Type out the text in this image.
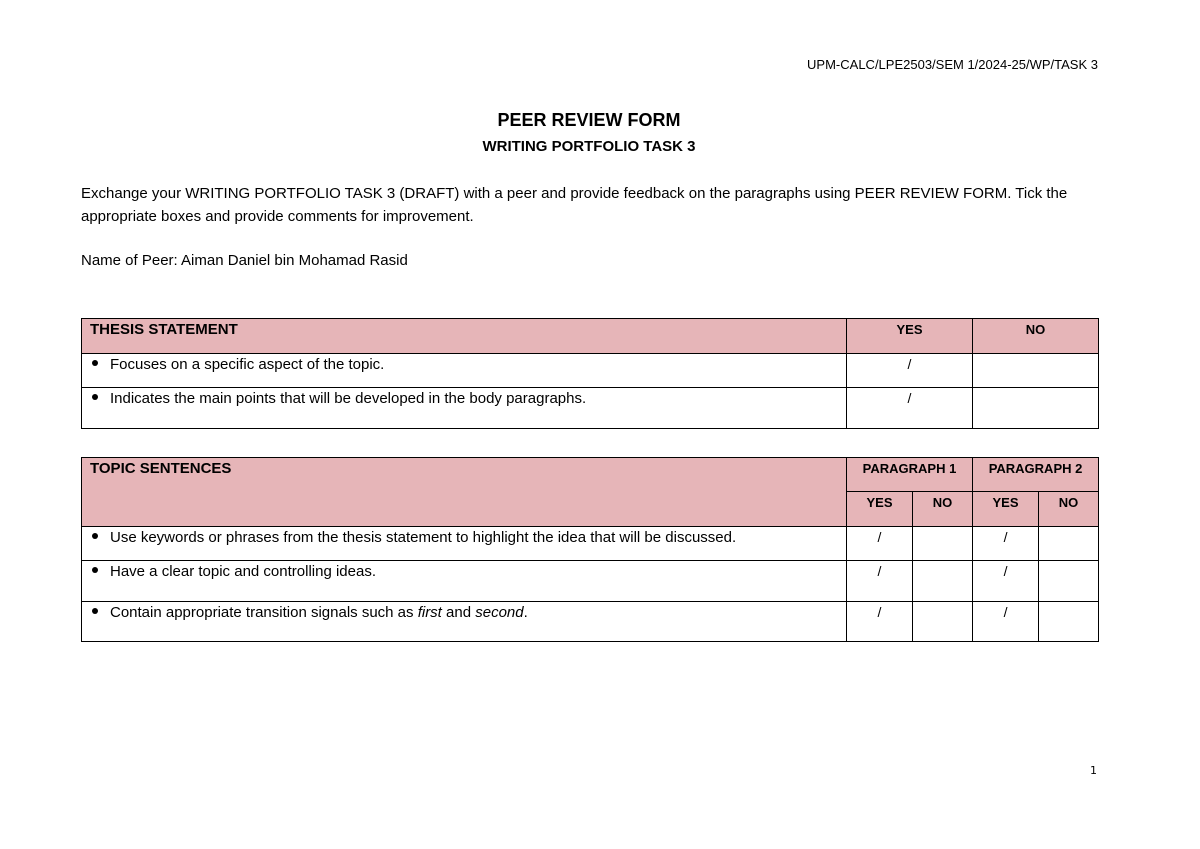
UPM-CALC/LPE2503/SEM 1/2024-25/WP/TASK 3
PEER REVIEW FORM
WRITING PORTFOLIO TASK 3
Exchange your WRITING PORTFOLIO TASK 3 (DRAFT) with a peer and provide feedback on the paragraphs using PEER REVIEW FORM. Tick the appropriate boxes and provide comments for improvement.
Name of Peer: Aiman Daniel bin Mohamad Rasid
THESIS STATEMENT	YES	NO
Focuses on a specific aspect of the topic.	/	
Indicates the main points that will be developed in the body paragraphs.	/	
TOPIC SENTENCES	PARAGRAPH 1		PARAGRAPH 2	
	YES	NO	YES	NO
Use keywords or phrases from the thesis statement to highlight the idea that will be discussed.	/		/	
Have a clear topic and controlling ideas.	/		/	
Contain appropriate transition signals such as first and second.	/		/	
1
